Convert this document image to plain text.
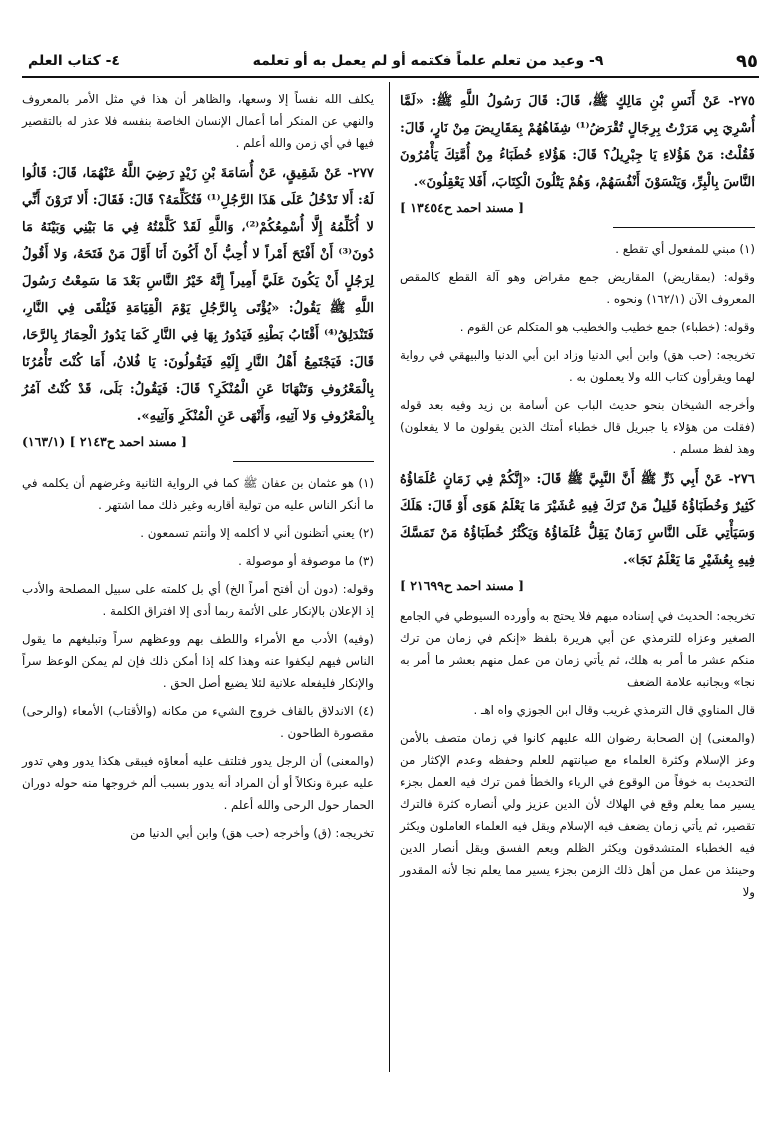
٩٥
٩- وعيد من تعلم علماً فكتمه أو لم يعمل به أو تعلمه
٤- كتاب العلم

٢٧٥- عَنْ أَنَسِ بْنِ مَالِكٍ ﷺ، قَالَ: قَالَ رَسُولُ اللَّهِ ﷺ: «لَمَّا أُسْرِيَ بِي مَرَرْتُ بِرِجَالٍ تُقْرَضُ⁽¹⁾ شِفَاهُهُمْ بِمَقَارِيضَ مِنْ نَارٍ، قَالَ: فَقُلْتُ: مَنْ هَؤُلاءِ يَا جِبْرِيلُ؟ قَالَ: هَؤُلاءِ خُطَبَاءُ مِنْ أُمَّتِكَ يَأْمُرُونَ النَّاسَ بِالْبِرِّ، وَيَنْسَوْنَ أَنْفُسَهُمْ، وَهُمْ يَتْلُونَ الْكِتَابَ، أَفَلا يَعْقِلُونَ».
[ مسند احمد ح١٣٤٥٤ ]

(١) مبني للمفعول أي تقطع .

وقوله: (بمقاريض) المقاريض جمع مقراض وهو آلة القطع كالمقص المعروف الآن (١٦٢/١) ونحوه .

وقوله: (خطباء) جمع خطيب والخطيب هو المتكلم عن القوم .

تخريجه: (حب هق) وابن أبي الدنيا وزاد ابن أبي الدنيا والبيهقي في رواية لهما ويقرأون كتاب الله ولا يعملون به .

وأخرجه الشيخان بنحو حديث الباب عن أسامة بن زيد وفيه بعد قوله (فقلت من هؤلاء يا جبريل قال خطباء أمتك الذين يقولون ما لا يفعلون) وهذ لفظ مسلم .

٢٧٦- عَنْ أَبِي ذَرٍّ ﷺ أَنَّ النَّبِيَّ ﷺ قَالَ: «إِنَّكُمْ فِي زَمَانٍ عُلَمَاؤُهُ كَثِيرٌ وَخُطَبَاؤُهُ قَلِيلٌ مَنْ تَرَكَ فِيهِ عُشَيْرَ مَا يَعْلَمُ هَوَى أَوْ قَالَ: هَلَكَ وَسَيَأْتِي عَلَى النَّاسِ زَمَانٌ يَقِلُّ عُلَمَاؤُهُ وَيَكْثُرُ خُطَبَاؤُهُ مَنْ تَمَسَّكَ فِيهِ بِعُشَيْرِ مَا يَعْلَمُ نَجَا».
[ مسند احمد ح٢١٦٩٩ ]

تخريجه: الحديث في إسناده مبهم فلا يحتج به وأورده السيوطي في الجامع الصغير وعزاه للترمذي عن أبي هريرة بلفظ «إنكم في زمان من ترك منكم عشر ما أمر به هلك، ثم يأتي زمان من عمل منهم بعشر ما أمر به نجا» وبجانبه علامة الضعف

قال المناوي قال الترمذي غريب وقال ابن الجوزي واه اهـ .

(والمعنى) إن الصحابة رضوان الله عليهم كانوا في زمان متصف بالأمن وعز الإسلام وكثرة العلماء مع صيانتهم للعلم وحفظه وعدم الإكثار من التحديث به خوفاً من الوقوع في الرياء والخطأ فمن ترك فيه العمل بجزء يسير مما يعلم وقع في الهلاك لأن الدين عزيز ولي أنصاره كثرة فالترك تقصير، ثم يأتي زمان يضعف فيه الإسلام ويقل فيه العلماء العاملون ويكثر فيه الخطباء المتشدقون ويكثر الظلم ويعم الفسق ويقل أنصار الدين وحينئذ من عمل من أهل ذلك الزمن بجزء يسير مما يعلم نجا لأنه المقدور ولا

يكلف الله نفساً إلا وسعها، والظاهر أن هذا في مثل الأمر بالمعروف والنهي عن المنكر أما أعمال الإنسان الخاصة بنفسه فلا عذر له بالتقصير فيها في أي زمن والله أعلم .

٢٧٧- عَنْ شَقِيقٍ، عَنْ أُسَامَةَ بْنِ زَيْدٍ رَضِيَ اللَّهُ عَنْهُمَا، قَالَ: قَالُوا لَهُ: أَلا تَدْخُلُ عَلَى هَذَا الرَّجُلِ⁽¹⁾ فَتُكَلِّمَهُ؟ قَالَ: فَقَالَ: أَلا تَرَوْنَ أَنِّي لا أُكَلِّمُهُ إِلَّا أُسْمِعُكُمْ⁽²⁾، وَاللَّهِ لَقَدْ كَلَّمْتُهُ فِي مَا بَيْنِي وَبَيْنَهُ مَا دُونَ⁽³⁾ أَنْ أَفْتَحَ أَمْراً لا أُحِبُّ أَنْ أَكُونَ أَنَا أَوَّلَ مَنْ فَتَحَهُ، وَلا أَقُولُ لِرَجُلٍ أَنْ يَكُونَ عَلَيَّ أَمِيراً إِنَّهُ خَيْرُ النَّاسِ بَعْدَ مَا سَمِعْتُ رَسُولَ اللَّهِ ﷺ يَقُولُ: «يُؤْتَى بِالرَّجُلِ يَوْمَ الْقِيَامَةِ فَيُلْقَى فِي النَّارِ، فَتَنْدَلِقُ⁽⁴⁾ أَقْتَابُ بَطْنِهِ فَيَدُورُ بِهَا فِي النَّارِ كَمَا يَدُورُ الْحِمَارُ بِالرَّحَا، قَالَ: فَيَجْتَمِعُ أَهْلُ النَّارِ إِلَيْهِ فَيَقُولُونَ: يَا فُلانُ، أَمَا كُنْتَ تَأْمُرُنَا بِالْمَعْرُوفِ وَتَنْهَانَا عَنِ الْمُنْكَرِ؟ قَالَ: فَيَقُولُ: بَلَى، قَدْ كُنْتُ آمُرُ بِالْمَعْرُوفِ وَلا آتِيهِ، وَأَنْهَى عَنِ الْمُنْكَرِ وَآتِيهِ».
[ مسند احمد ح٢١٤٣ ] (١٦٣/١)

(١) هو عثمان بن عفان ﷺ كما في الرواية الثانية وغرضهم أن يكلمه في ما أنكر الناس عليه من تولية أقاربه وغير ذلك مما اشتهر .

(٢) يعني أتظنون أني لا أكلمه إلا وأنتم تسمعون .

(٣) ما موصوفة أو موصولة .

وقوله: (دون أن أفتح أمراً الخ) أي بل كلمته على سبيل المصلحة والأدب إذ الإعلان بالإنكار على الأئمة ربما أدى إلا افتراق الكلمة .

(وفيه) الأدب مع الأمراء واللطف بهم ووعظهم سراً وتبليغهم ما يقول الناس فيهم ليكفوا عنه وهذا كله إذا أمكن ذلك فإن لم يمكن الوعظ سراً والإنكار فليفعله علانية لئلا يضيع أصل الحق .

(٤) الاندلاق بالقاف خروج الشيء من مكانه (والأقتاب) الأمعاء (والرحى) مقصورة الطاحون .

(والمعنى) أن الرجل يدور فتلتف عليه أمعاؤه فيبقى هكذا يدور وهي تدور عليه عبرة ونكالاً أو أن المراد أنه يدور بسبب ألم خروجها منه حوله دوران الحمار حول الرحى والله أعلم .

تخريجه: (ق) وأخرجه (حب هق) وابن أبي الدنيا من
